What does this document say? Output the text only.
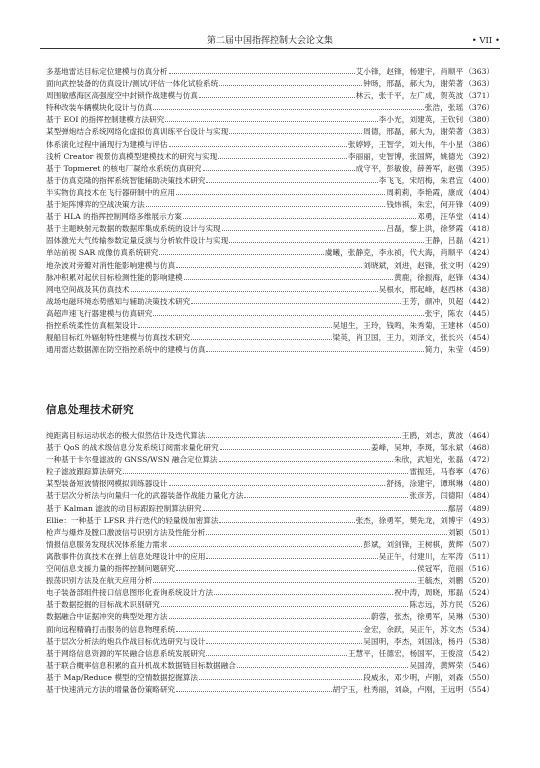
第二届中国指挥控制大会论文集	• VII •
多基地雷达目标定位建模与仿真分析	艾小锋，赵锋，杨建宇，肖顺平 （363）
面向武控装备的仿真设计/测试/评估一体化试验系统	钟旸，邢磊，郝大为，谢荣著 （363）
周围敏感海区高强度空中封锁作战建模与仿真	林云，张千平，左广成，贺英波 （371）
特种改装车辆模块化设计与仿真	张浩，张瑶 （376）
基于 EOI 的指挥控制建模方法研究	李小光，刘建英，王钦钊 （380）
某型弹炮结合系统网络化虚拟仿真训练平台设计与实现	周德，邢磊，郝大为，谢荣著 （383）
体系演化过程中涌现行为建模与评估	张婷婷，王智学，刘大伟，牛小星 （386）
浅析 Creator 视景仿真模型建模技术的研究与实现	李丽丽，史智博，张国辉，姚德光 （392）
基于 Topmeret 的核电厂凝给水系统仿真研究	成守平，彭敏俊，薛善军，赵强 （395）
基于仿真克隆的指挥系统智能辅助决策技术研究	李飞飞，宋绍梅，朱君宜 （400）
半实物仿真技术在飞行器研制中的应用	周莉莉，李艳霞，康成 （404）
基于矩阵博弈的空战决策方法	钱炜祺，朱宏，何开锋 （409）
基于 HLA 的指挥控制网络多维展示方案	邓勇，汪华堂 （414）
基于主题映射元数据的数据库集成系统的设计与实现	吕磊，黎上洪，徐梦霞 （418）
固体激光大气传输参数定量反演与分析软件设计与实现	王静，吕磊 （421）
单站前视 SAR 成像仿真系统研究	虞曦，张静克，李永祯，代大海，肖顺平 （424）
地杂波对旁瓣对消性能影响建模与仿真	刘晓斌，刘进，赵锋，张文明 （429）
脉冲积累对起伏目标检测性能的影响建模	黄鹿，徐振海，赵锋 （434）
网电空间战及其仿真技术	吴根水，邢起峰，赵西林 （438）
战场电磁环境态势感知与辅助决策技术研究	王芳，颜冲，贝超 （442）
高超声速飞行器建模与仿真研究	张宇，陈农 （445）
指控系统柔性仿真框架设计	吴旭生，王玲，钱鸣，朱秀菊，王建林 （450）
舰船目标红外辐射特性建模与仿真技术研究	梁英，肖卫国，王力，刘泽文，张长兴 （454）
通用雷达数据源在防空指控系统中的建模与仿真	简力，朱莹 （459）
信息处理技术研究
纯距离目标运动状态的极大似然估计及迭代算法	王鸥，刘志，黄波 （464）
基于 QoS 的战术级信息分发系统订阅需求量化研究	姜峰，吴坤，李斑，邹永斌 （468）
一种基于卡尔曼滤波的 GNSS/WSN 融合定位算法	朱欣，武旭光，张磊 （472）
粒子滤波跟踪算法研究	雷振廷，马春寧 （476）
某型装备短波情报网模拟训练器设计	舒扬，涂建宇，谭琪琳 （480）
基于层次分析法与向量归一化的武器装备作战能力量化方法	张彦芳，闫德阳 （484）
基于 Kalman 滤波的动目标跟踪控制算法研究	鄢居 （489）
Ellie：一种基于 LFSR 并行迭代的轻量级加密算法	张杰，徐勇军，樊先龙，刘博宇 （493）
枪声与爆炸及膛口激波信号识别方法及性能分析	刘颖 （501）
情报信息服务发现状况体系能力需求	彭斌，刘剑锋，王树棋，黄辉 （507）
离散事件仿真技术在弹上信息处理设计中的应用	吴正午，付建川，左军涛 （511）
空间信息支援力量的指挥控制问题研究	侯冠军，范丽 （516）
振荡识别方法及在航天应用分析	王毓杰，刘鹏 （520）
电子装备部组件接口信息图形化查询系统设计方法	祝中涛，周晓，邢磊 （524）
基于数据挖掘的目标战术识别研究	陈志远，苏方民 （526）
数据融合中证据冲突的典型处理方法	蔚蓉，张杰，徐勇军，吴琳 （530）
面向远程精确打击服务的信息物理系统	金宏，余跃，吴正午，苏文杰 （534）
基于层次分析法的炮兵作战目标优选研究与设计	吴国明，李杰，刘国泳，杨丹 （538）
基于网络信息资源的军民融合信息系统发展研究	王慧平，任德宏，杨国军，王俊渲 （542）
基于联合概率信息积累的直升机战术数据链目标数据融合	吴国涛，黄辉荣 （546）
基于 Map/Reduce 模型的空情数据挖掘算法	段威永，邓少明，卢刚，刘森 （550）
基于快速消元方法的增量备份策略研究	胡宁玉，杜秀丽，刘焱，卢刚，王远明 （554）
